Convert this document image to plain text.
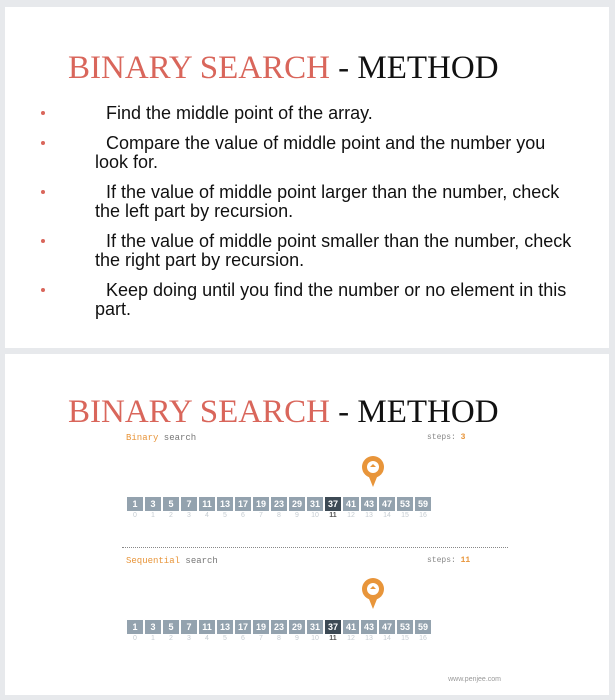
BINARY SEARCH - METHOD
Find the middle point of the array.
Compare the value of middle point and the number you look for.
If the value of middle point larger than the number, check the left part by recursion.
If the value of middle point smaller than the number, check the right part by recursion.
Keep doing until you find the number or no element in this part.
BINARY SEARCH - METHOD
Binary search	steps: 3
1
0
3
1
5
2
7
3
11
4
13
5
17
6
19
7
23
8
29
9
31
10
37
11
41
12
43
13
47
14
53
15
59
16
Sequential search	steps: 11
1
0
3
1
5
2
7
3
11
4
13
5
17
6
19
7
23
8
29
9
31
10
37
11
41
12
43
13
47
14
53
15
59
16
www.penjee.com
